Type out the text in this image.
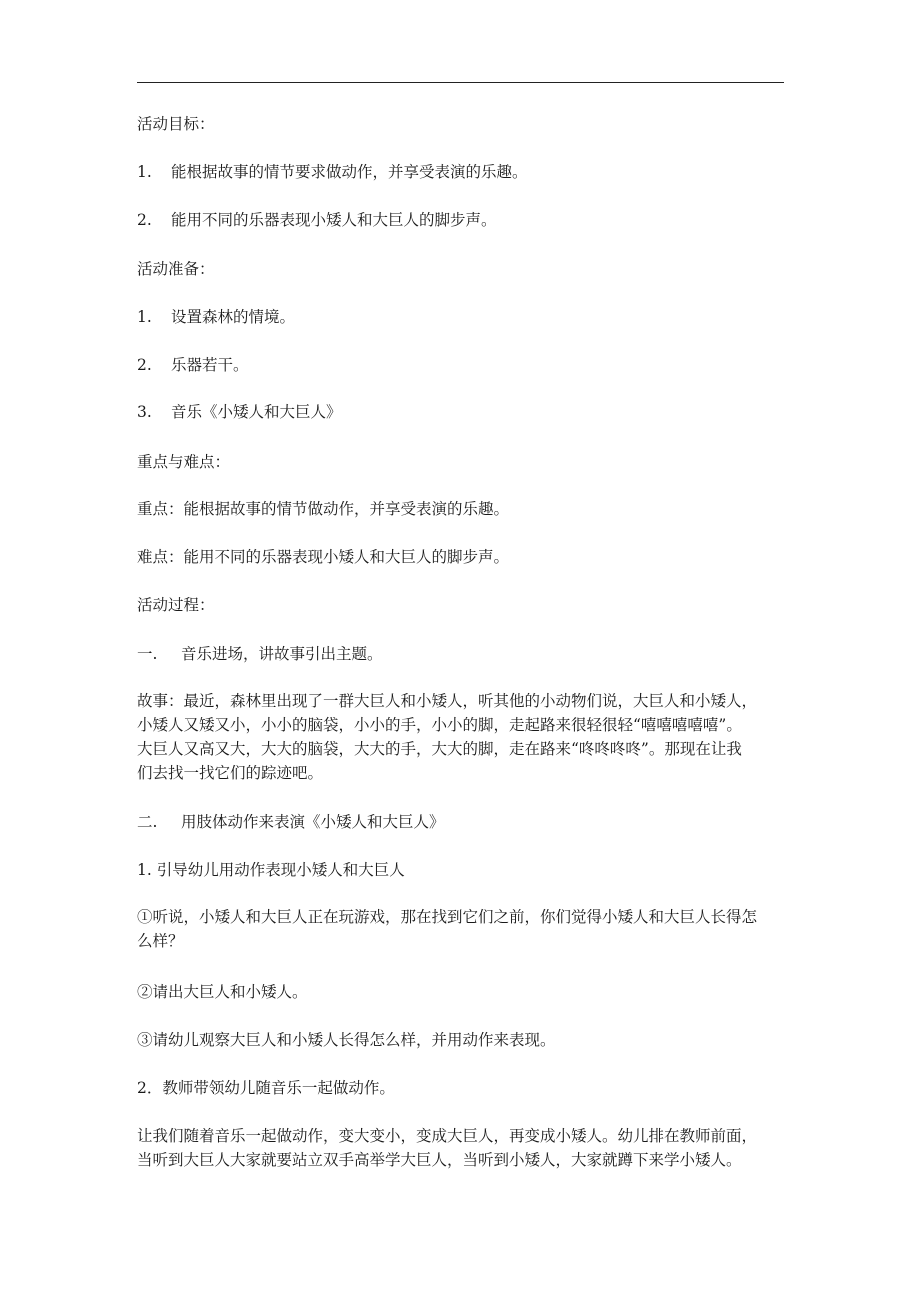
活动目标：
1. 能根据故事的情节要求做动作，并享受表演的乐趣。
2. 能用不同的乐器表现小矮人和大巨人的脚步声。
活动准备：
1. 设置森林的情境。
2. 乐器若干。
3. 音乐《小矮人和大巨人》
重点与难点：
重点：能根据故事的情节做动作，并享受表演的乐趣。
难点：能用不同的乐器表现小矮人和大巨人的脚步声。
活动过程：
一. 音乐进场，讲故事引出主题。
故事：最近，森林里出现了一群大巨人和小矮人，听其他的小动物们说，大巨人和小矮人，
小矮人又矮又小，小小的脑袋，小小的手，小小的脚，走起路来很轻很轻“嘻嘻嘻嘻嘻”。
大巨人又高又大，大大的脑袋，大大的手，大大的脚，走在路来“咚咚咚咚”。那现在让我
们去找一找它们的踪迹吧。
二. 用肢体动作来表演《小矮人和大巨人》
1. 引导幼儿用动作表现小矮人和大巨人
①听说，小矮人和大巨人正在玩游戏，那在找到它们之前，你们觉得小矮人和大巨人长得怎
么样？
②请出大巨人和小矮人。
③请幼儿观察大巨人和小矮人长得怎么样，并用动作来表现。
2．教师带领幼儿随音乐一起做动作。
让我们随着音乐一起做动作，变大变小，变成大巨人，再变成小矮人。幼儿排在教师前面，
当听到大巨人大家就要站立双手高举学大巨人，当听到小矮人，大家就蹲下来学小矮人。
